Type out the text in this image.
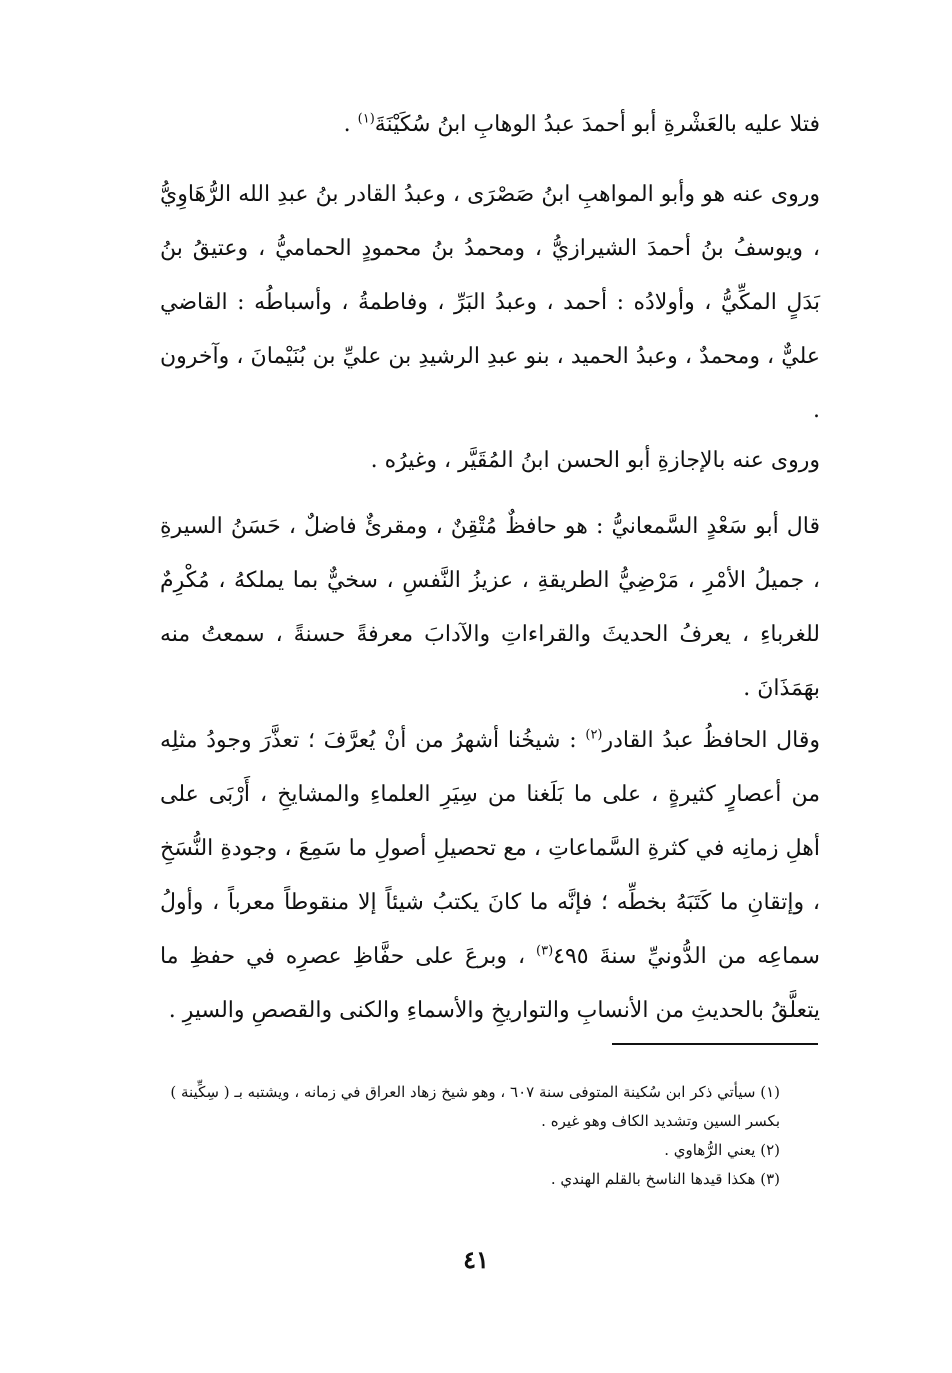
فتلا عليه بالعَشْرةِ أبو أحمدَ عبدُ الوهابِ ابنُ سُكَيْنَةَ$^{(١)}$ .

وروى عنه هو وأبو المواهبِ ابنُ صَصْرَى ، وعبدُ القادر بنُ عبدِ الله الرُّهَاوِيُّ ، ويوسفُ بنُ أحمدَ الشيرازيُّ ، ومحمدُ بنُ محمودٍ الحماميُّ ، وعتيقُ بنُ بَدَلٍ المكِّيُّ ، وأولادُه : أحمد ، وعبدُ البَرِّ ، وفاطمةُ ، وأسباطُه : القاضي عليٌّ ، ومحمدٌ ، وعبدُ الحميد ، بنو عبدِ الرشيدِ بن عليِّ بن بُنَيْمانَ ، وآخرون .

وروى عنه بالإجازةِ أبو الحسن ابنُ المُقَيَّر ، وغيرُه .

قال أبو سَعْدٍ السَّمعانيُّ : هو حافظٌ مُتْقِنٌ ، ومقرئٌ فاضلٌ ، حَسَنُ السيرةِ ، جميلُ الأمْرِ ، مَرْضِيُّ الطريقةِ ، عزيزُ النَّفسِ ، سخيٌّ بما يملكهُ ، مُكْرِمٌ للغرباءِ ، يعرفُ الحديثَ والقراءاتِ والآدابَ معرفةً حسنةً ، سمعتُ منه بهَمَذَانَ .

وقال الحافظُ عبدُ القادر$^{(٢)}$ : شيخُنا أشهرُ من أنْ يُعرَّفَ ؛ تعذَّرَ وجودُ مثلِه من أعصارٍ كثيرةٍ ، على ما بَلَغنا من سِيَرِ العلماءِ والمشايخِ ، أَرْبَى على أهلِ زمانِه في كثرةِ السَّماعاتِ ، مع تحصيلِ أصولِ ما سَمِعَ ، وجودةِ النُّسَخِ ، وإتقانِ ما كَتَبَهُ بخطِّه ؛ فإنَّه ما كانَ يكتبُ شيئاً إلا منقوطاً معرباً ، وأولُ سماعِه من الدُّونيِّ سنةَ ٤٩٥$^{(٣)}$ ، وبرعَ على حفَّاظِ عصرِه في حفظِ ما يتعلَّقُ بالحديثِ من الأنسابِ والتواريخِ والأسماءِ والكنى والقصصِ والسيرِ .

(١) سيأتي ذكر ابن سُكينة المتوفى سنة ٦٠٧ ، وهو شيخ زهاد العراق في زمانه ، ويشتبه بـ ( سِكِّينة ) بكسر السين وتشديد الكاف وهو غيره .

(٢) يعني الرُّهاوي .

(٣) هكذا قيدها الناسخ بالقلم الهندي .

٤١
